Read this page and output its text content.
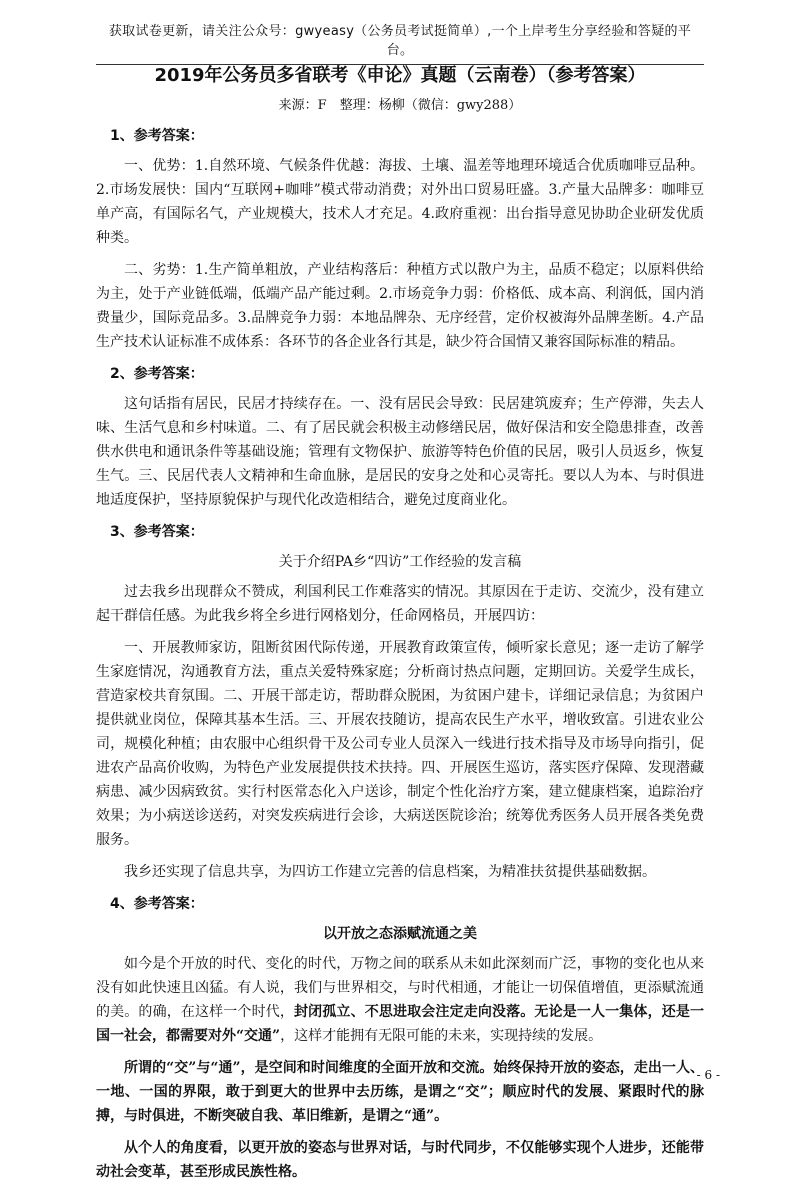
获取试卷更新，请关注公众号：gwyeasy（公务员考试挺简单）,一个上岸考生分享经验和答疑的平台。
2019年公务员多省联考《申论》真题（云南卷）（参考答案）
来源：F　整理：杨柳（微信：gwy288）
1、参考答案：

一、优势：1.自然环境、气候条件优越：海拔、土壤、温差等地理环境适合优质咖啡豆品种。2.市场发展快：国内“互联网+咖啡”模式带动消费；对外出口贸易旺盛。3.产量大品牌多：咖啡豆单产高，有国际名气，产业规模大，技术人才充足。4.政府重视：出台指导意见协助企业研发优质种类。

二、劣势：1.生产简单粗放，产业结构落后：种植方式以散户为主，品质不稳定；以原料供给为主，处于产业链低端，低端产品产能过剩。2.市场竞争力弱：价格低、成本高、利润低，国内消费量少，国际竞品多。3.品牌竞争力弱：本地品牌杂、无序经营，定价权被海外品牌垄断。4.产品生产技术认证标准不成体系：各环节的各企业各行其是，缺少符合国情又兼容国际标准的精品。

2、参考答案：

这句话指有居民，民居才持续存在。一、没有居民会导致：民居建筑废弃；生产停滞，失去人味、生活气息和乡村味道。二、有了居民就会积极主动修缮民居，做好保洁和安全隐患排查，改善供水供电和通讯条件等基础设施；管理有文物保护、旅游等特色价值的民居，吸引人员返乡，恢复生气。三、民居代表人文精神和生命血脉，是居民的安身之处和心灵寄托。要以人为本、与时俱进地适度保护，坚持原貌保护与现代化改造相结合，避免过度商业化。

3、参考答案：
关于介绍PA乡“四访”工作经验的发言稿

过去我乡出现群众不赞成，利国利民工作难落实的情况。其原因在于走访、交流少，没有建立起干群信任感。为此我乡将全乡进行网格划分，任命网格员，开展四访：

一、开展教师家访，阻断贫困代际传递，开展教育政策宣传，倾听家长意见；逐一走访了解学生家庭情况，沟通教育方法，重点关爱特殊家庭；分析商讨热点问题，定期回访。关爱学生成长，营造家校共育氛围。二、开展干部走访，帮助群众脱困，为贫困户建卡，详细记录信息；为贫困户提供就业岗位，保障其基本生活。三、开展农技随访，提高农民生产水平，增收致富。引进农业公司，规模化种植；由农服中心组织骨干及公司专业人员深入一线进行技术指导及市场导向指引，促进农产品高价收购，为特色产业发展提供技术扶持。四、开展医生巡访，落实医疗保障、发现潜藏病患、减少因病致贫。实行村医常态化入户送诊，制定个性化治疗方案，建立健康档案，追踪治疗效果；为小病送诊送药，对突发疾病进行会诊，大病送医院诊治；统筹优秀医务人员开展各类免费服务。

我乡还实现了信息共享，为四访工作建立完善的信息档案，为精准扶贫提供基础数据。

4、参考答案：
以开放之态添赋流通之美

如今是个开放的时代、变化的时代，万物之间的联系从未如此深刻而广泛，事物的变化也从来没有如此快速且凶猛。有人说，我们与世界相交，与时代相通，才能让一切保值增值，更添赋流通的美。的确，在这样一个时代，封闭孤立、不思进取会注定走向没落。无论是一人一集体，还是一国一社会，都需要对外“交通”，这样才能拥有无限可能的未来，实现持续的发展。

所谓的“交”与“通”，是空间和时间维度的全面开放和交流。始终保持开放的姿态，走出一人、一地、一国的界限，敢于到更大的世界中去历练，是谓之“交”；顺应时代的发展、紧跟时代的脉搏，与时俱进，不断突破自我、革旧维新，是谓之“通”。

从个人的角度看，以更开放的姿态与世界对话，与时代同步，不仅能够实现个人进步，还能带动社会变革，甚至形成民族性格。

- 6 -
